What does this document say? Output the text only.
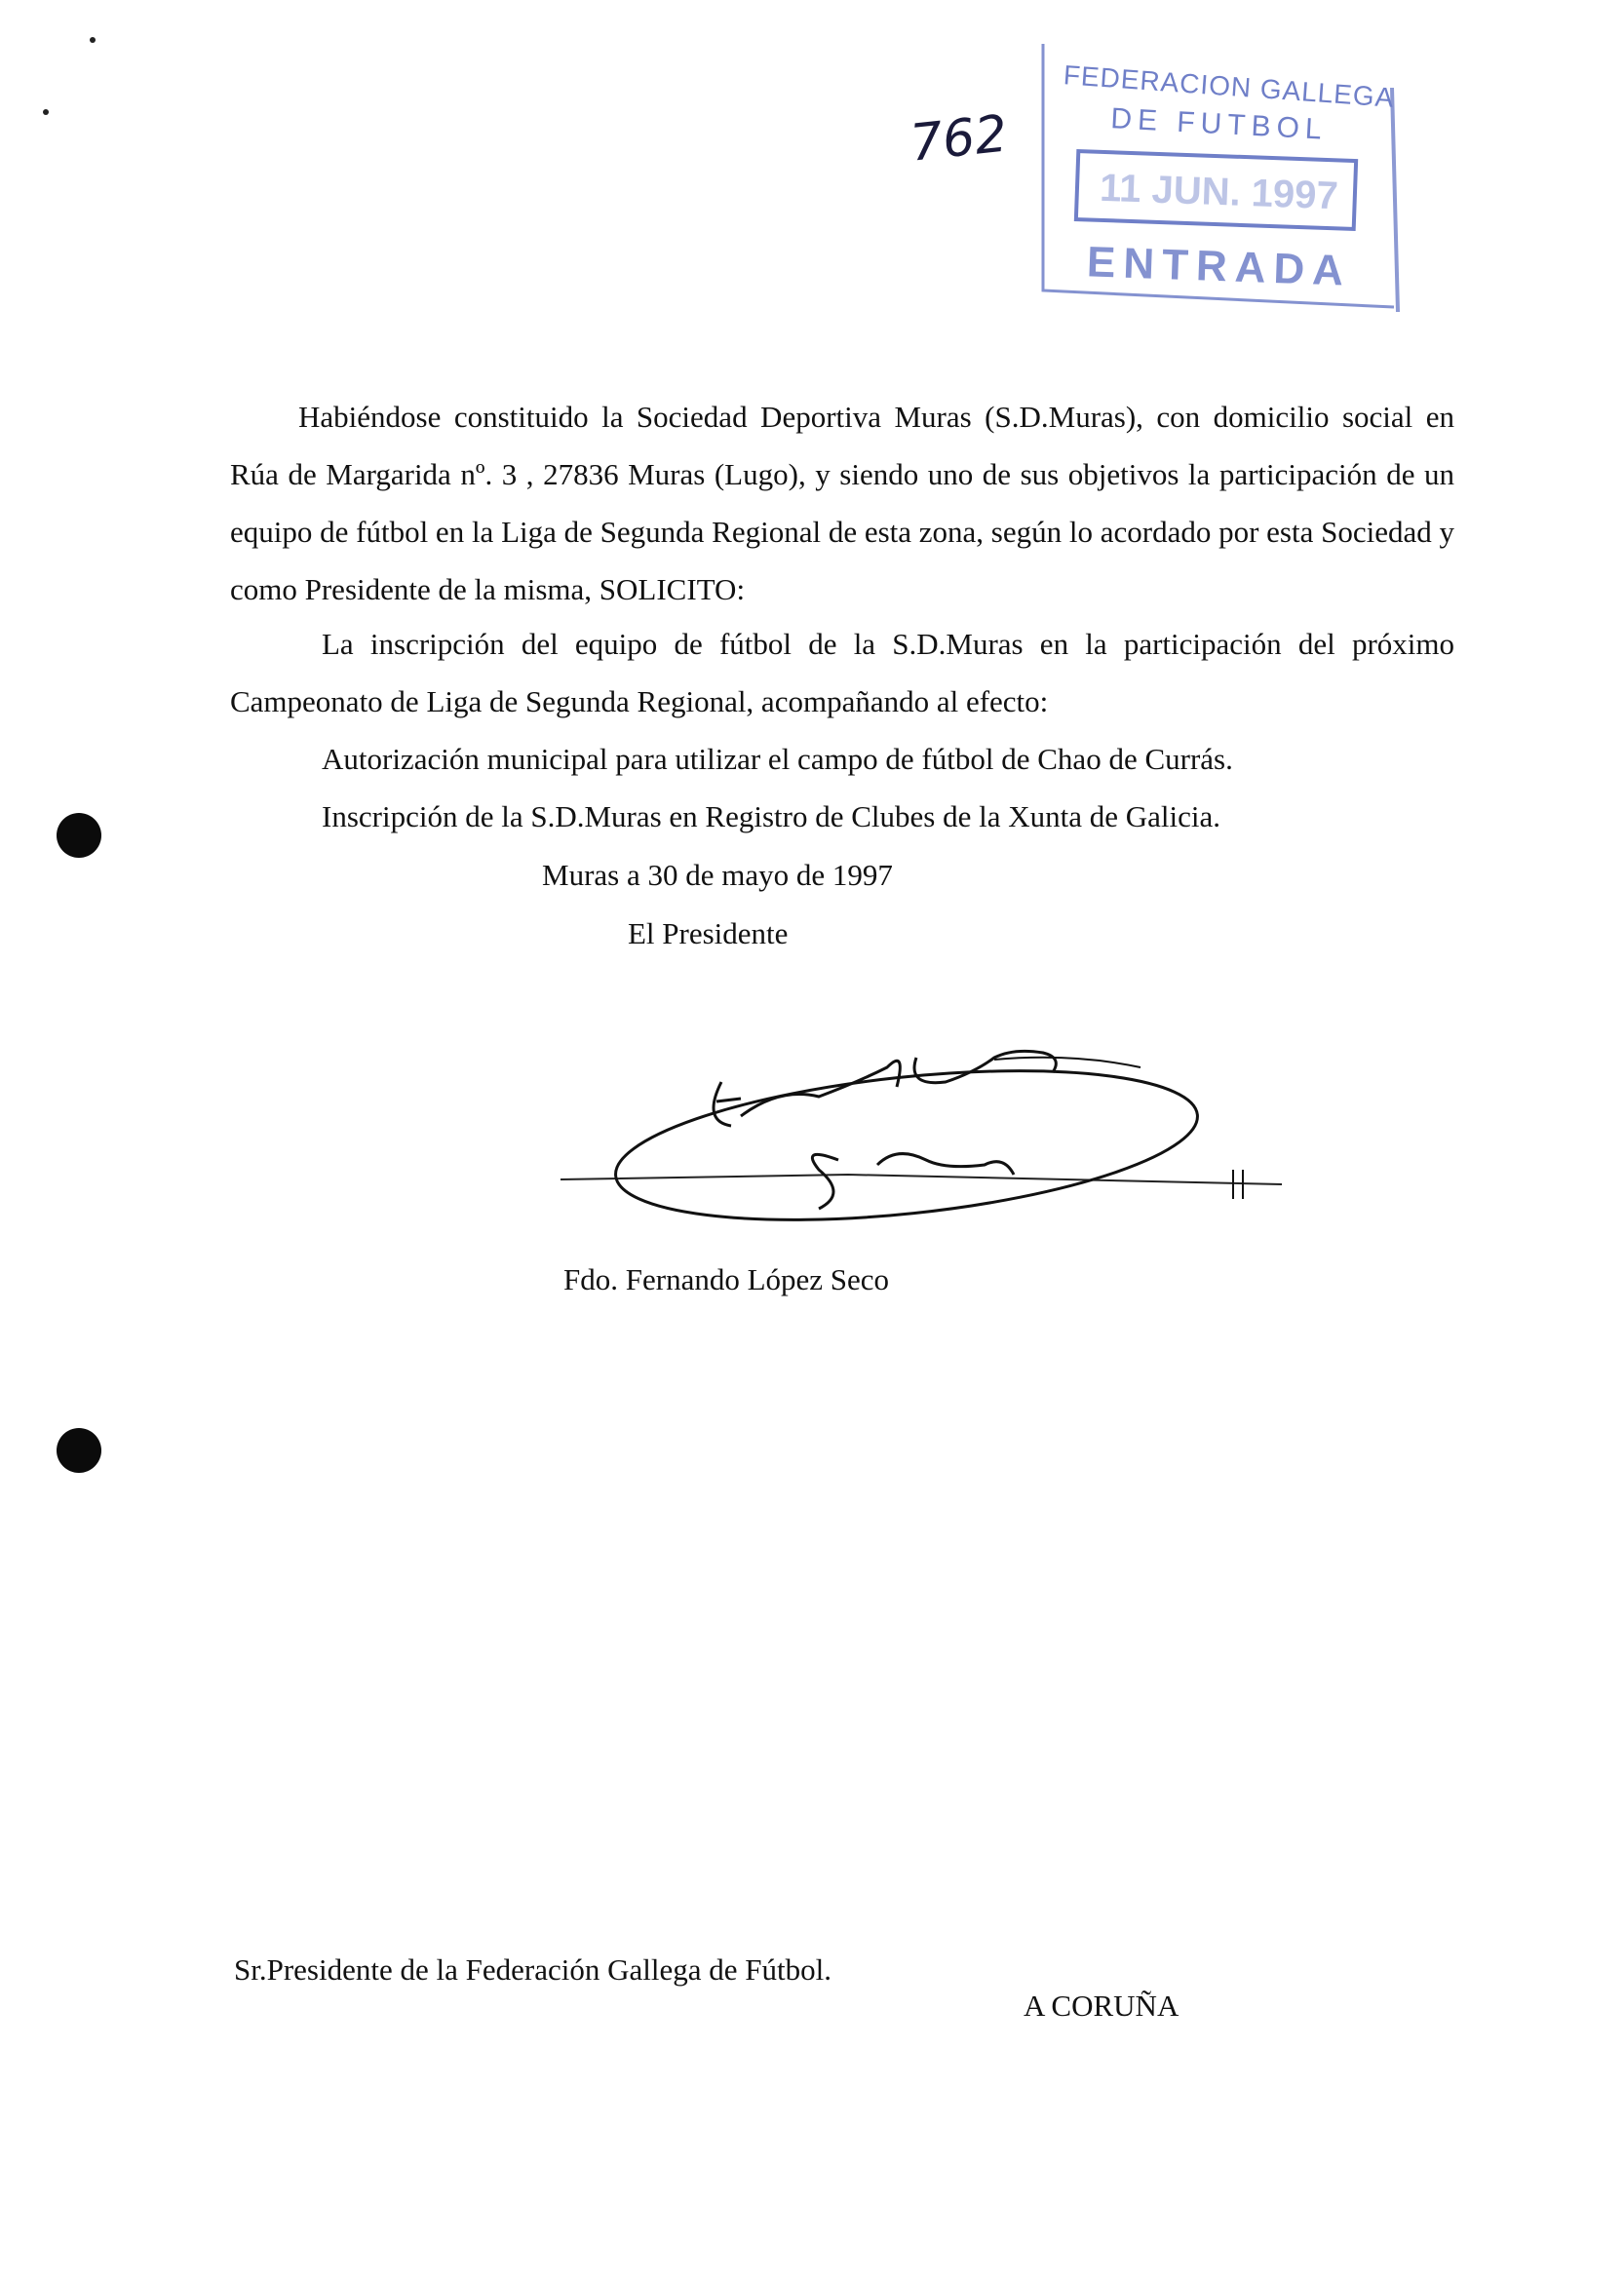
762
FEDERACION GALLEGA
DE FUTBOL
11 JUN. 1997
ENTRADA
Habiéndose constituido la Sociedad Deportiva Muras (S.D.Muras), con domicilio social en Rúa de Margarida nº. 3 , 27836 Muras (Lugo), y siendo uno de sus objetivos la participación de un equipo de fútbol en la Liga de Segunda Regional de esta zona, según lo acordado por esta Sociedad y como Presidente de la misma, SOLICITO:
La inscripción del equipo de fútbol de la S.D.Muras en la participación del próximo
Campeonato de Liga de Segunda Regional, acompañando al efecto:
Autorización municipal para utilizar el campo de fútbol de Chao de Currás.
Inscripción de la S.D.Muras en Registro de Clubes de la Xunta de Galicia.
Muras a 30 de mayo de 1997
El Presidente
Fdo. Fernando López Seco
Sr.Presidente de la Federación Gallega de Fútbol.
A CORUÑA
